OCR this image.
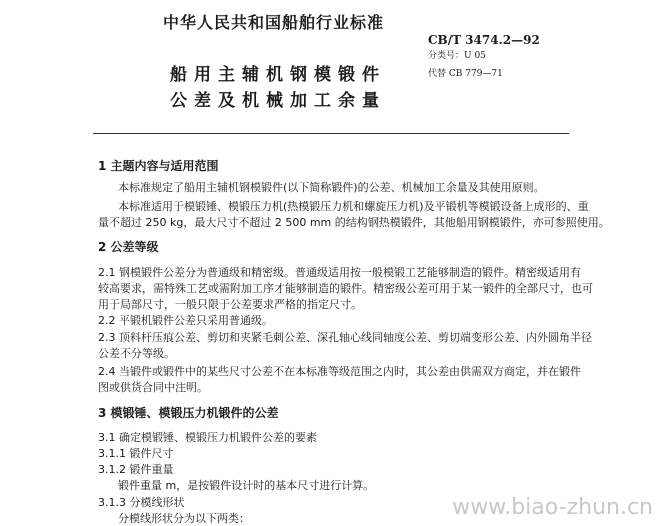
中华人民共和国船舶行业标准
CB/T 3474.2—92
分类号：U 05
船用主辅机钢模锻件	代替 CB 779—71
公差及机械加工余量
1 主题内容与适用范围
本标准规定了船用主辅机钢模锻件(以下简称锻件)的公差、机械加工余量及其使用原则。
本标准适用于模锻锤、模锻压力机(热模锻压力机和螺旋压力机)及平锻机等模锻设备上成形的、重
量不超过 250 kg，最大尺寸不超过 2 500 mm 的结构钢热模锻件，其他船用钢模锻件，亦可参照使用。
2 公差等级
2.1 钢模锻件公差分为普通级和精密级。普通级适用按一般模锻工艺能够制造的锻件。精密级适用有
较高要求，需特殊工艺或需附加工序才能够制造的锻件。精密级公差可用于某一锻件的全部尺寸，也可
用于局部尺寸，一般只限于公差要求严格的指定尺寸。
2.2 平锻机锻件公差只采用普通级。
2.3 顶料杆压痕公差、剪切和夹紧毛刺公差、深孔轴心线同轴度公差、剪切端变形公差、内外圆角半径
公差不分等级。
2.4 当锻件或锻件中的某些尺寸公差不在本标准等级范围之内时，其公差由供需双方商定，并在锻件
图或供货合同中注明。
3 模锻锤、模锻压力机锻件的公差
3.1 确定模锻锤、模锻压力机锻件公差的要素
3.1.1 锻件尺寸
3.1.2 锻件重量
锻件重量 m，是按锻件设计时的基本尺寸进行计算。
3.1.3 分模线形状
分模线形状分为以下两类：	www.biao-zhun.cn
